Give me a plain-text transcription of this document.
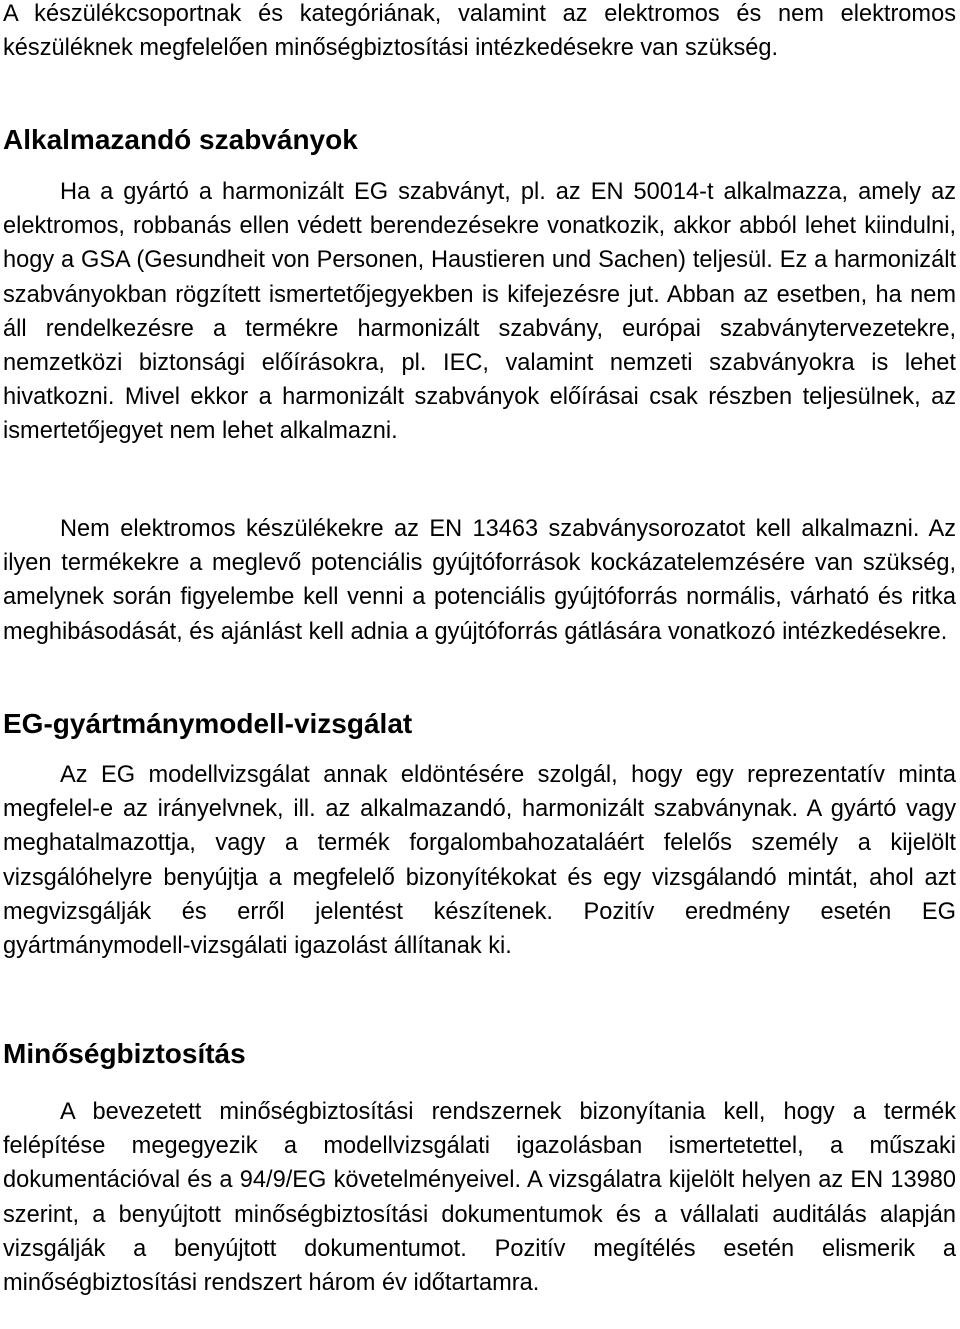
A készülékcsoportnak és kategóriának, valamint az elektromos és nem elektromos készüléknek megfelelően minőségbiztosítási intézkedésekre van szükség.

Alkalmazandó szabványok

Ha a gyártó a harmonizált EG szabványt, pl. az EN 50014-t alkalmazza, amely az elektromos, robbanás ellen védett berendezésekre vonatkozik, akkor abból lehet kiindulni, hogy a GSA (Gesundheit von Personen, Haustieren und Sachen) teljesül. Ez a harmonizált szabványokban rögzített ismertetőjegyekben is kifejezésre jut. Abban az esetben, ha nem áll rendelkezésre a termékre harmonizált szabvány, európai szabványtervezetekre, nemzetközi biztonsági előírásokra, pl. IEC, valamint nemzeti szabványokra is lehet hivatkozni. Mivel ekkor a harmonizált szabványok előírásai csak részben teljesülnek, az ismertetőjegyet nem lehet alkalmazni.

Nem elektromos készülékekre az EN 13463 szabványsorozatot kell alkalmazni. Az ilyen termékekre a meglevő potenciális gyújtóforrások kockázatelemzésére van szükség, amelynek során figyelembe kell venni a potenciális gyújtóforrás normális, várható és ritka meghibásodását, és ajánlást kell adnia a gyújtóforrás gátlására vonatkozó intézkedésekre.

EG-gyártmánymodell-vizsgálat

Az EG modellvizsgálat annak eldöntésére szolgál, hogy egy reprezentatív minta megfelel-e az irányelvnek, ill. az alkalmazandó, harmonizált szabványnak. A gyártó vagy meghatalmazottja, vagy a termék forgalombahozataláért felelős személy a kijelölt vizsgálóhelyre benyújtja a megfelelő bizonyítékokat és egy vizsgálandó mintát, ahol azt megvizsgálják és erről jelentést készítenek. Pozitív eredmény esetén EG gyártmánymodell-vizsgálati igazolást állítanak ki.

Minőségbiztosítás

A bevezetett minőségbiztosítási rendszernek bizonyítania kell, hogy a termék felépítése megegyezik a modellvizsgálati igazolásban ismertetettel, a műszaki dokumentációval és a 94/9/EG követelményeivel. A vizsgálatra kijelölt helyen az EN 13980 szerint, a benyújtott minőségbiztosítási dokumentumok és a vállalati auditálás alapján vizsgálják a benyújtott dokumentumot. Pozitív megítélés esetén elismerik a minőségbiztosítási rendszert három év időtartamra.
